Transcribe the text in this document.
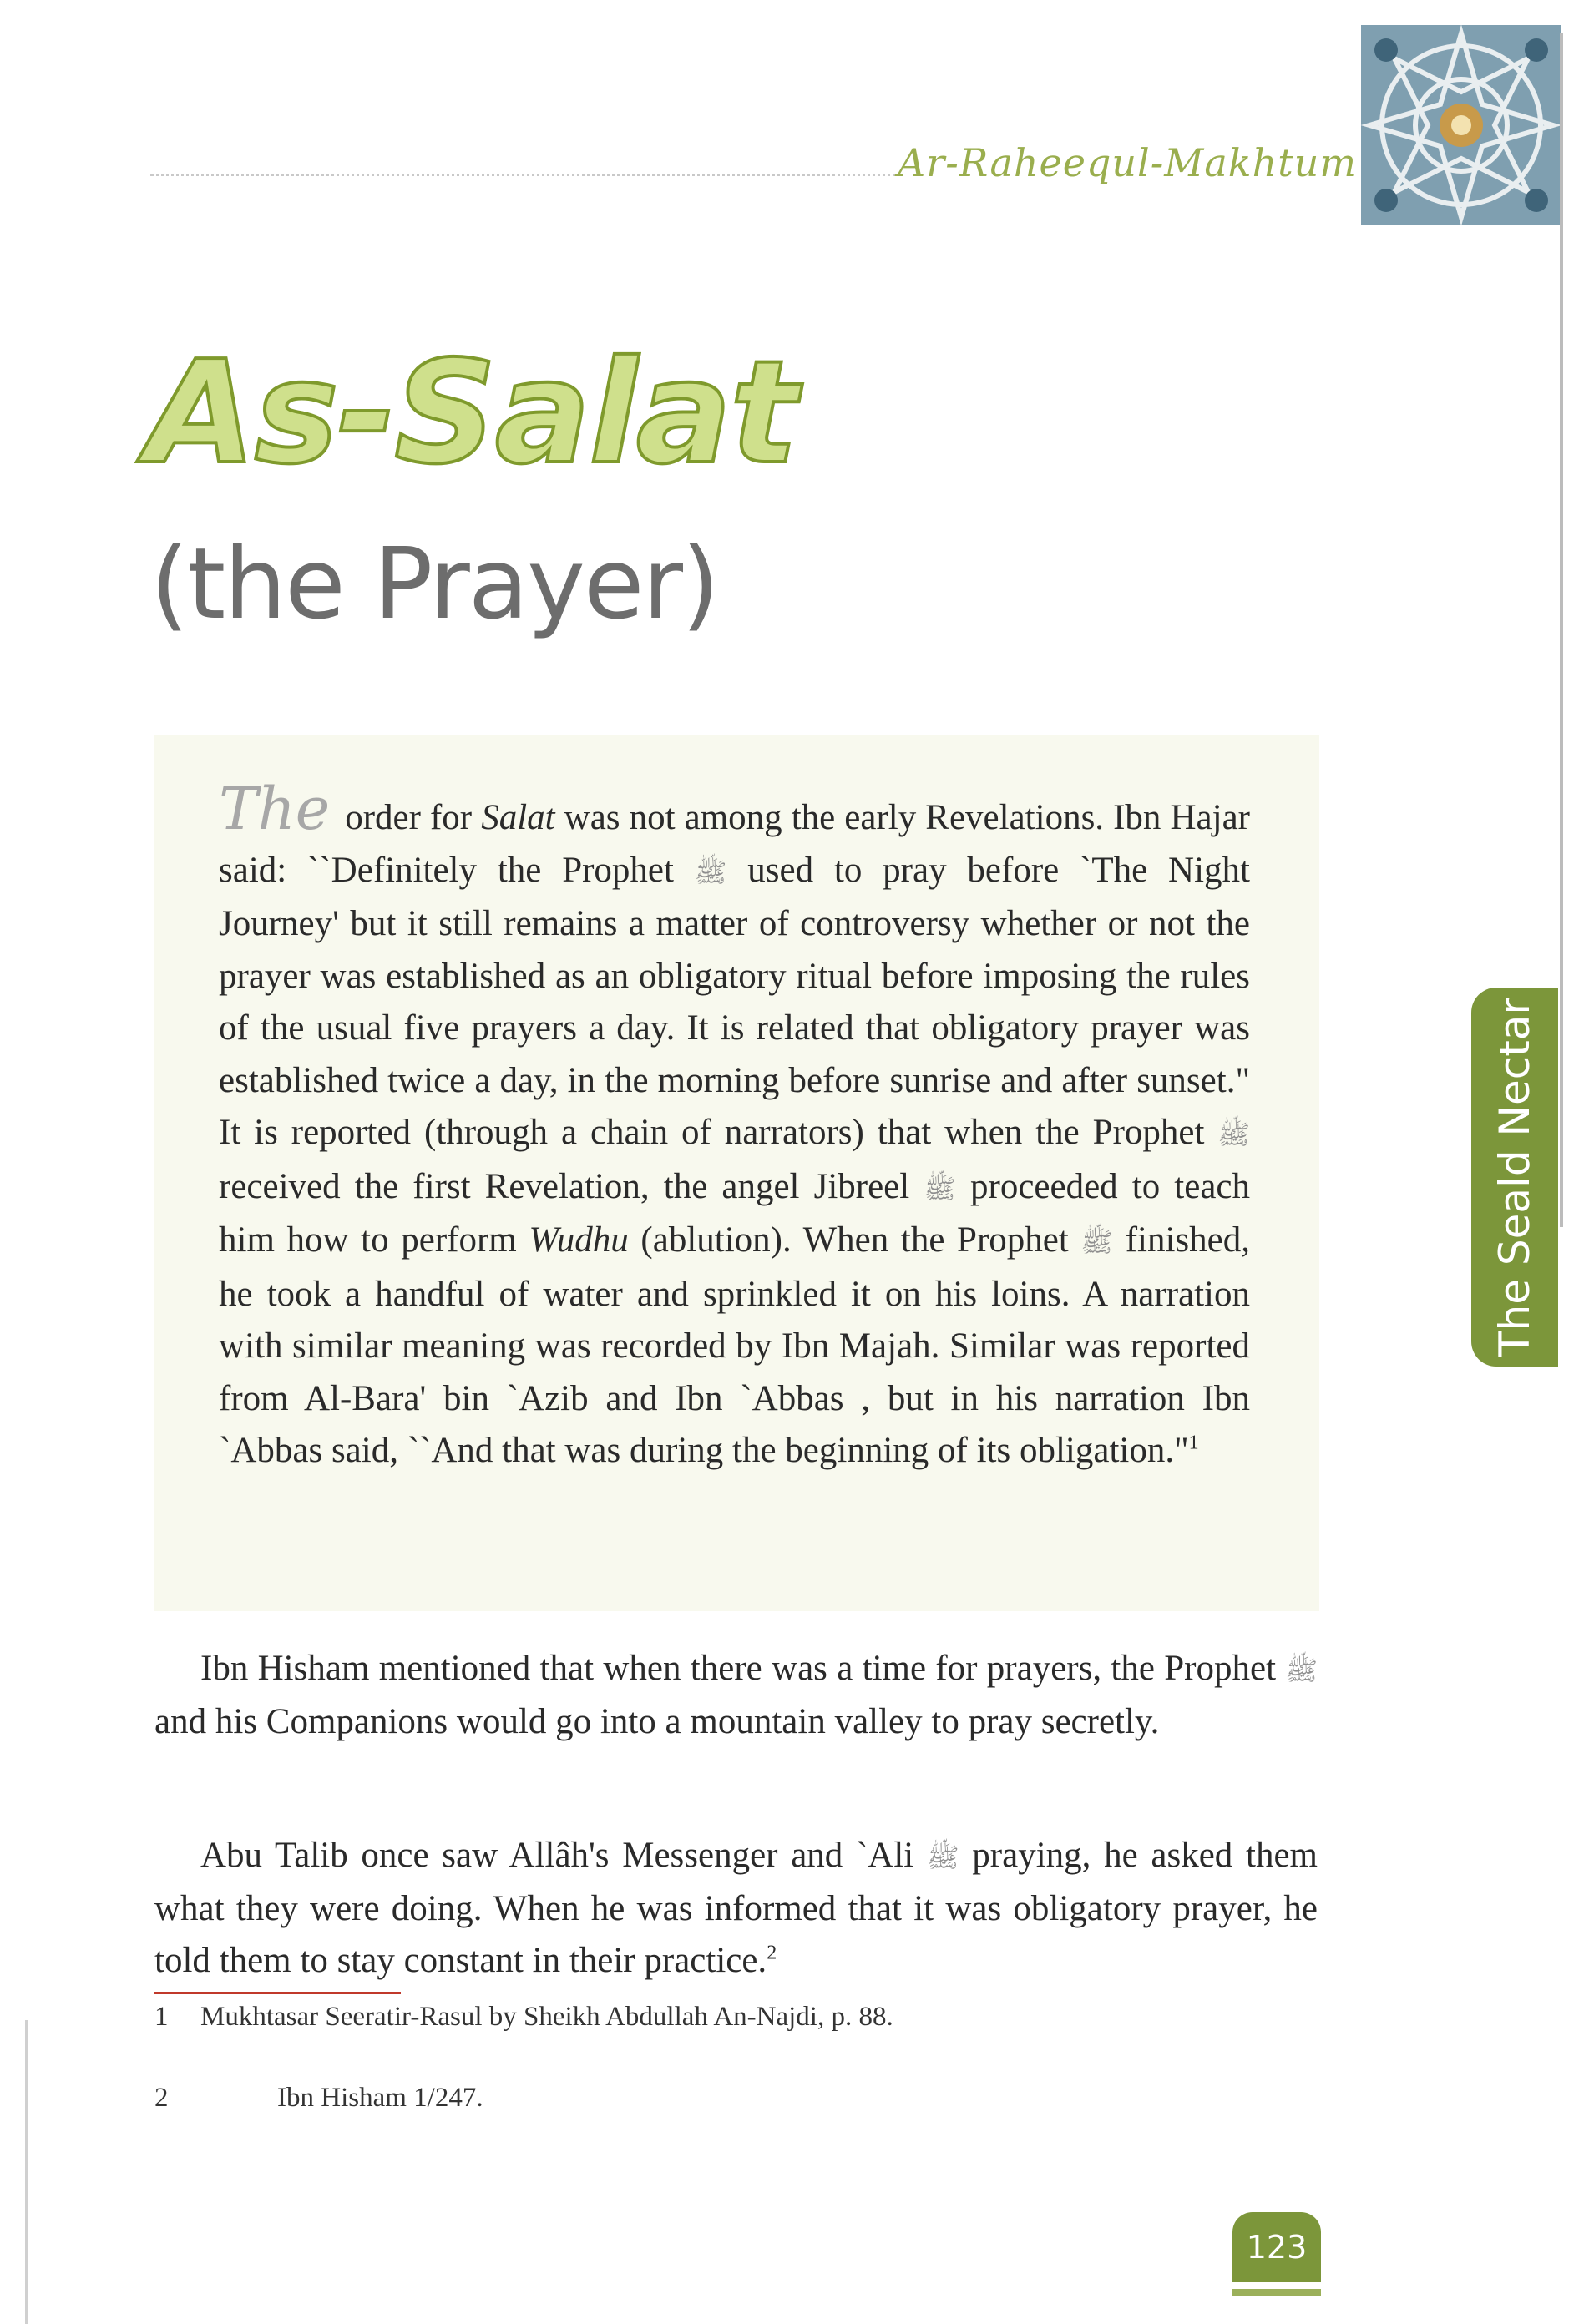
Ar-Raheequl-Makhtum
As-Salat
(the Prayer)
The order for Salat was not among the early Revelations. Ibn Hajar said: ``Definitely the Prophet ﷺ used to pray before `The Night Journey' but it still remains a matter of controversy whether or not the prayer was established as an obligatory ritual before imposing the rules of the usual five prayers a day. It is related that obligatory prayer was established twice a day, in the morning before sunrise and after sunset." It is reported (through a chain of narrators) that when the Prophet ﷺ received the first Revelation, the angel Jibreel ﷺ proceeded to teach him how to perform Wudhu (ablution). When the Prophet ﷺ finished, he took a handful of water and sprinkled it on his loins. A narration with similar meaning was recorded by Ibn Majah. Similar was reported from Al-Bara' bin `Azib and Ibn `Abbas , but in his narration Ibn `Abbas said, ``And that was during the beginning of its obligation."$^1$
Ibn Hisham mentioned that when there was a time for prayers, the Prophet ﷺ and his Companions would go into a mountain valley to pray secretly.
Abu Talib once saw Allâh's Messenger and `Ali ﷺ praying, he asked them what they were doing. When he was informed that it was obligatory prayer, he told them to stay constant in their practice.$^2$
1 Mukhtasar Seeratir-Rasul by Sheikh Abdullah An-Najdi, p. 88.
2	Ibn Hisham 1/247.
The Seald Nectar
123
